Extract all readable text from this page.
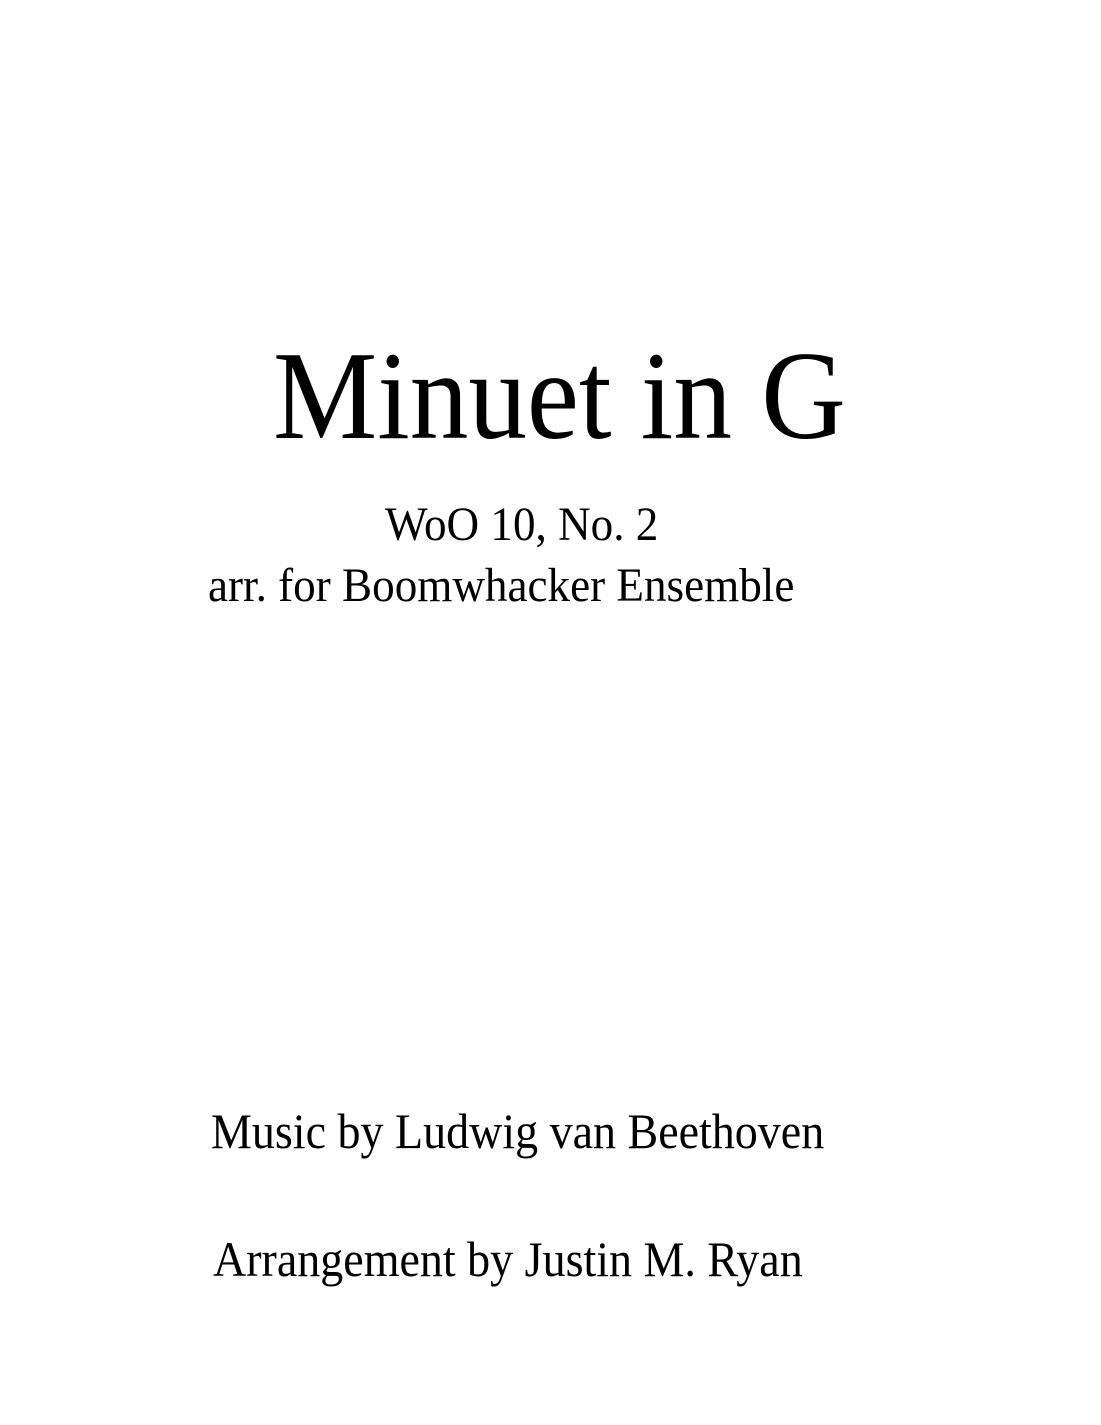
Minuet in G
WoO 10, No. 2
arr. for Boomwhacker Ensemble
Music by Ludwig van Beethoven
Arrangement by Justin M. Ryan
